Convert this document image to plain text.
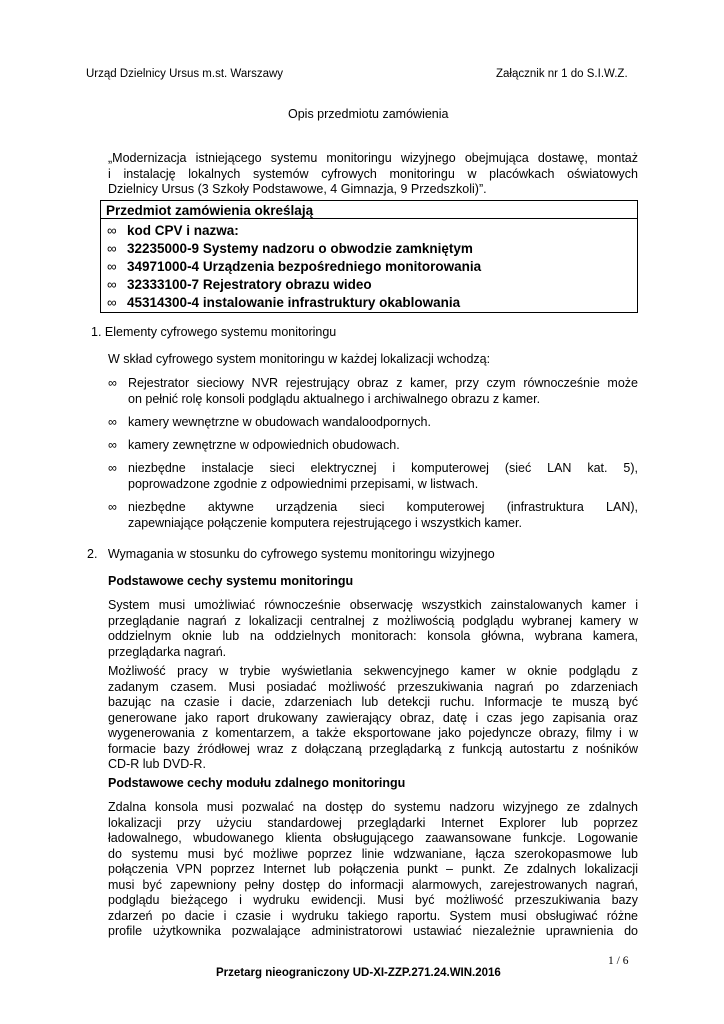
Urząd Dzielnicy Ursus m.st. Warszawy	Załącznik nr 1 do S.I.W.Z.
Opis przedmiotu zamówienia
„Modernizacja istniejącego systemu monitoringu wizyjnego obejmująca dostawę, montaż
i instalację lokalnych systemów cyfrowych monitoringu w placówkach oświatowych
Dzielnicy Ursus (3 Szkoły Podstawowe, 4 Gimnazja, 9 Przedszkoli)”.
Przedmiot zamówienia określają
∞ kod CPV i nazwa:
∞ 32235000-9 Systemy nadzoru o obwodzie zamkniętym
∞ 34971000-4 Urządzenia bezpośredniego monitorowania
∞ 32333100-7 Rejestratory obrazu wideo
∞ 45314300-4 instalowanie infrastruktury okablowania
1. Elementy cyfrowego systemu monitoringu
W skład cyfrowego system monitoringu w każdej lokalizacji wchodzą:
∞ Rejestrator sieciowy NVR rejestrujący obraz z kamer, przy czym równocześnie może
on pełnić rolę konsoli podglądu aktualnego i archiwalnego obrazu z kamer.
∞ kamery wewnętrzne w obudowach wandaloodpornych.
∞ kamery zewnętrzne w odpowiednich obudowach.
∞ niezbędne instalacje sieci elektrycznej i komputerowej (sieć LAN kat. 5),
poprowadzone zgodnie z odpowiednimi przepisami, w listwach.
∞ niezbędne aktywne urządzenia sieci komputerowej (infrastruktura LAN),
zapewniające połączenie komputera rejestrującego i wszystkich kamer.
2.   Wymagania w stosunku do cyfrowego systemu monitoringu wizyjnego
Podstawowe cechy systemu monitoringu
System musi umożliwiać równocześnie obserwację wszystkich zainstalowanych kamer i
przeglądanie nagrań z lokalizacji centralnej z możliwością podglądu wybranej kamery w
oddzielnym oknie lub na oddzielnych monitorach: konsola główna, wybrana kamera,
przeglądarka nagrań.
Możliwość pracy w trybie wyświetlania sekwencyjnego kamer w oknie podglądu z
zadanym czasem. Musi posiadać możliwość przeszukiwania nagrań po zdarzeniach
bazując na czasie i dacie, zdarzeniach lub detekcji ruchu. Informacje te muszą być
generowane jako raport drukowany zawierający obraz, datę i czas jego zapisania oraz
wygenerowania z komentarzem, a także eksportowane jako pojedyncze obrazy, filmy i w
formacie bazy źródłowej wraz z dołączaną przeglądarką z funkcją autostartu z nośników
CD-R lub DVD-R.
Podstawowe cechy modułu zdalnego monitoringu
Zdalna konsola musi pozwalać na dostęp do systemu nadzoru wizyjnego ze zdalnych
lokalizacji przy użyciu standardowej przeglądarki Internet Explorer lub poprzez
ładowalnego, wbudowanego klienta obsługującego zaawansowane funkcje. Logowanie
do systemu musi być możliwe poprzez linie wdzwaniane, łącza szerokopasmowe lub
połączenia VPN poprzez Internet lub połączenia punkt – punkt. Ze zdalnych lokalizacji
musi być zapewniony pełny dostęp do informacji alarmowych, zarejestrowanych nagrań,
podglądu bieżącego i wydruku ewidencji. Musi być możliwość przeszukiwania bazy
zdarzeń po dacie i czasie i wydruku takiego raportu. System musi obsługiwać różne
profile użytkownika pozwalające administratorowi ustawiać niezależnie uprawnienia do
1 / 6
Przetarg nieograniczony UD-XI-ZZP.271.24.WIN.2016
